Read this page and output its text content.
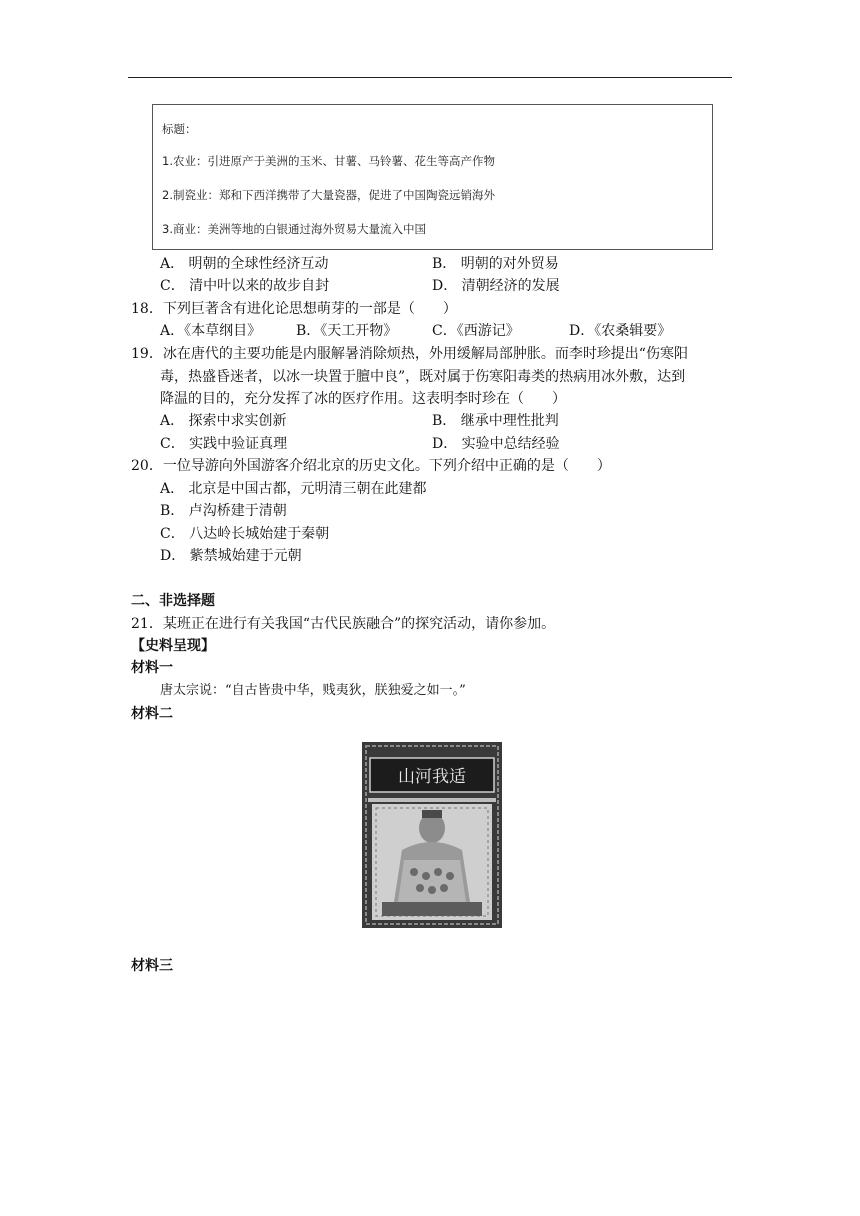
标题：
1.农业：引进原产于美洲的玉米、甘薯、马铃薯、花生等高产作物
2.制瓷业：郑和下西洋携带了大量瓷器，促进了中国陶瓷远销海外
3.商业：美洲等地的白银通过海外贸易大量流入中国
A． 明朝的全球性经济互动	B． 明朝的对外贸易
C． 清中叶以来的故步自封	D． 清朝经济的发展
18．下列巨著含有进化论思想萌芽的一部是（　　）
A．《本草纲目》 B．《天工开物》 C．《西游记》	D．《农桑辑要》
19．冰在唐代的主要功能是内服解暑消除烦热，外用缓解局部肿胀。而李时珍提出“伤寒阳
毒，热盛昏迷者，以冰一块置于膻中良”，既对属于伤寒阳毒类的热病用冰外敷，达到
降温的目的，充分发挥了冰的医疗作用。这表明李时珍在（　　）
A． 探索中求实创新	B． 继承中理性批判
C． 实践中验证真理	D． 实验中总结经验
20．一位导游向外国游客介绍北京的历史文化。下列介绍中正确的是（　　）
A． 北京是中国古都，元明清三朝在此建都
B． 卢沟桥建于清朝
C． 八达岭长城始建于秦朝
D． 紫禁城始建于元朝
二、非选择题
21．某班正在进行有关我国“古代民族融合”的探究活动，请你参加。
【史料呈现】
材料一
唐太宗说：“自古皆贵中华，贱夷狄，朕独爱之如一。”
材料二
山河我适
材料三
